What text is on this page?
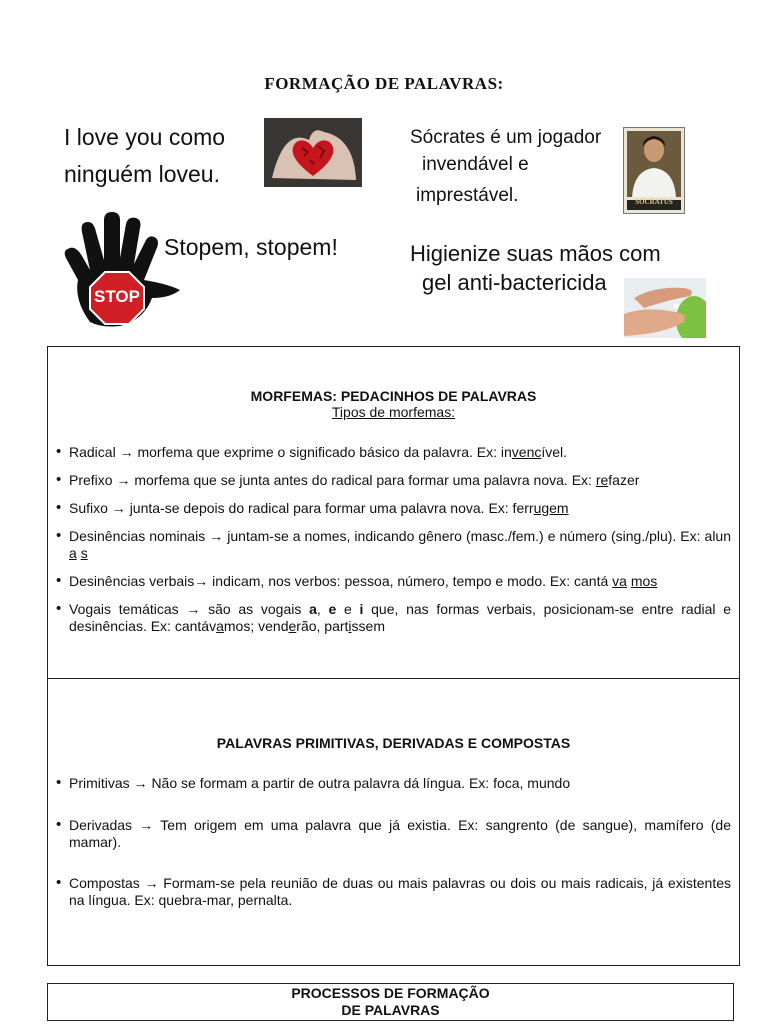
FORMAÇÃO DE PALAVRAS:
I love you como
ninguém loveu.
Sócrates é um jogador
invendável e
imprestável.	SÓCRATUS
STOP
Stopem, stopem!	Higienize suas mãos com
gel anti-bactericida
MORFEMAS: PEDACINHOS DE PALAVRAS
Tipos de morfemas:
• Radical → morfema que exprime o significado básico da palavra. Ex: invencível.
• Prefixo → morfema que se junta antes do radical para formar uma palavra nova. Ex: refazer
• Sufixo → junta-se depois do radical para formar uma palavra nova. Ex: ferrugem
• Desinências nominais → juntam-se a nomes, indicando gênero (masc./fem.) e número (sing./plu). Ex: alun a s
• Desinências verbais→ indicam, nos verbos: pessoa, número, tempo e modo. Ex: cantá va mos
• Vogais temáticas → são as vogais a, e e i que, nas formas verbais, posicionam-se entre radial e desinências. Ex: cantávamos; venderão, partissem
PALAVRAS PRIMITIVAS, DERIVADAS E COMPOSTAS
• Primitivas → Não se formam a partir de outra palavra dá língua. Ex: foca, mundo
• Derivadas → Tem origem em uma palavra que já existia. Ex: sangrento (de sangue), mamífero (de mamar).
• Compostas → Formam-se pela reunião de duas ou mais palavras ou dois ou mais radicais, já existentes na língua. Ex: quebra-mar, pernalta.
PROCESSOS DE FORMAÇÃO
DE PALAVRAS
